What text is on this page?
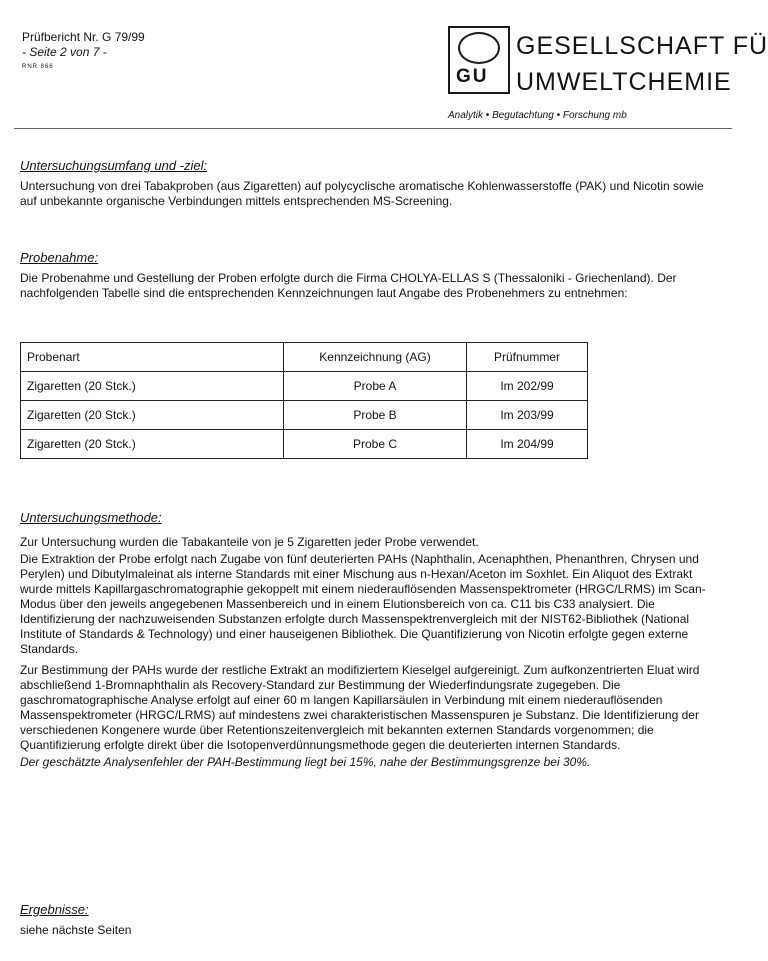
Prüfbericht Nr. G 79/99
- Seite 2 von 7 -
RNR 866	GU
GESELLSCHAFT FÜ
UMWELTCHEMIE
Analytik • Begutachtung • Forschung mb
Untersuchungsumfang und -ziel:
Untersuchung von drei Tabakproben (aus Zigaretten) auf polycyclische aromatische Kohlenwasserstoffe (PAK) und Nicotin sowie auf unbekannte organische Verbindungen mittels entsprechenden MS-Screening.
Probenahme:
Die Probenahme und Gestellung der Proben erfolgte durch die Firma CHOLYA-ELLAS S (Thessaloniki - Griechenland). Der nachfolgenden Tabelle sind die entsprechenden Kennzeichnungen laut Angabe des Probenehmers zu entnehmen:
Probenart	Kennzeichnung (AG)	Prüfnummer
Zigaretten (20 Stck.)	Probe A	Im 202/99
Zigaretten (20 Stck.)	Probe B	Im 203/99
Zigaretten (20 Stck.)	Probe C	Im 204/99
Untersuchungsmethode:
Zur Untersuchung wurden die Tabakanteile von je 5 Zigaretten jeder Probe verwendet.
Die Extraktion der Probe erfolgt nach Zugabe von fünf deuterierten PAHs (Naphthalin, Acenaphthen, Phenanthren, Chrysen und Perylen) und Dibutylmaleinat als interne Standards mit einer Mischung aus n-Hexan/Aceton im Soxhlet. Ein Aliquot des Extrakt wurde mittels Kapillargaschromatographie gekoppelt mit einem niederauflösenden Massenspektrometer (HRGC/LRMS) im Scan-Modus über den jeweils angegebenen Massenbereich und in einem Elutionsbereich von ca. C11 bis C33 analysiert. Die Identifizierung der nachzuweisenden Substanzen erfolgte durch Massenspektrenvergleich mit der NIST62-Bibliothek (National Institute of Standards & Technology) und einer hauseigenen Bibliothek. Die Quantifizierung von Nicotin erfolgte gegen externe Standards.
Zur Bestimmung der PAHs wurde der restliche Extrakt an modifiziertem Kieselgel aufgereinigt. Zum aufkonzentrierten Eluat wird abschließend 1-Bromnaphthalin als Recovery-Standard zur Bestimmung der Wiederfindungsrate zugegeben. Die gaschromatographische Analyse erfolgt auf einer 60 m langen Kapillarsäulen in Verbindung mit einem niederauflösenden Massenspektrometer (HRGC/LRMS) auf mindestens zwei charakteristischen Massenspuren je Substanz. Die Identifizierung der verschiedenen Kongenere wurde über Retentionszeitenvergleich mit bekannten externen Standards vorgenommen; die Quantifizierung erfolgte direkt über die Isotopenverdünnungsmethode gegen die deuterierten internen Standards.
Der geschätzte Analysenfehler der PAH-Bestimmung liegt bei 15%, nahe der Bestimmungsgrenze bei 30%.
Ergebnisse:
siehe nächste Seiten
